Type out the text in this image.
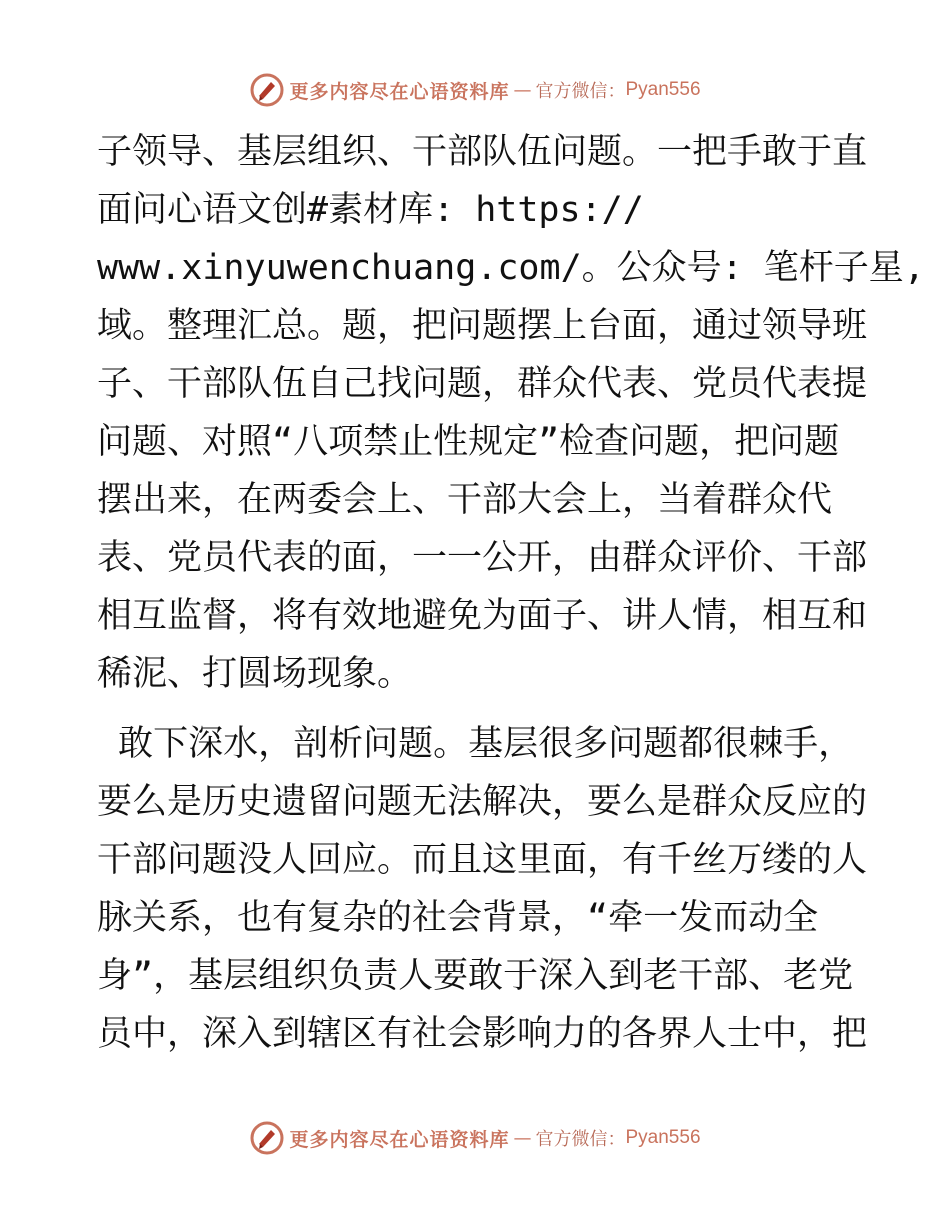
更多内容尽在心语资料库 — 官方微信： Pyan556
子领导、基层组织、干部队伍问题。一把手敢于直
面问心语文创#素材库: https://
www.xinyuwenchuang.com/。公众号: 笔杆子星,
域。整理汇总。题，把问题摆上台面，通过领导班
子、干部队伍自己找问题，群众代表、党员代表提
问题、对照“八项禁止性规定”检查问题，把问题
摆出来，在两委会上、干部大会上，当着群众代
表、党员代表的面，一一公开，由群众评价、干部
相互监督，将有效地避免为面子、讲人情，相互和
稀泥、打圆场现象。
敢下深水，剖析问题。基层很多问题都很棘手，
要么是历史遗留问题无法解决，要么是群众反应的
干部问题没人回应。而且这里面，有千丝万缕的人
脉关系，也有复杂的社会背景，“牵一发而动全
身”，基层组织负责人要敢于深入到老干部、老党
员中，深入到辖区有社会影响力的各界人士中，把
更多内容尽在心语资料库 — 官方微信： Pyan556
